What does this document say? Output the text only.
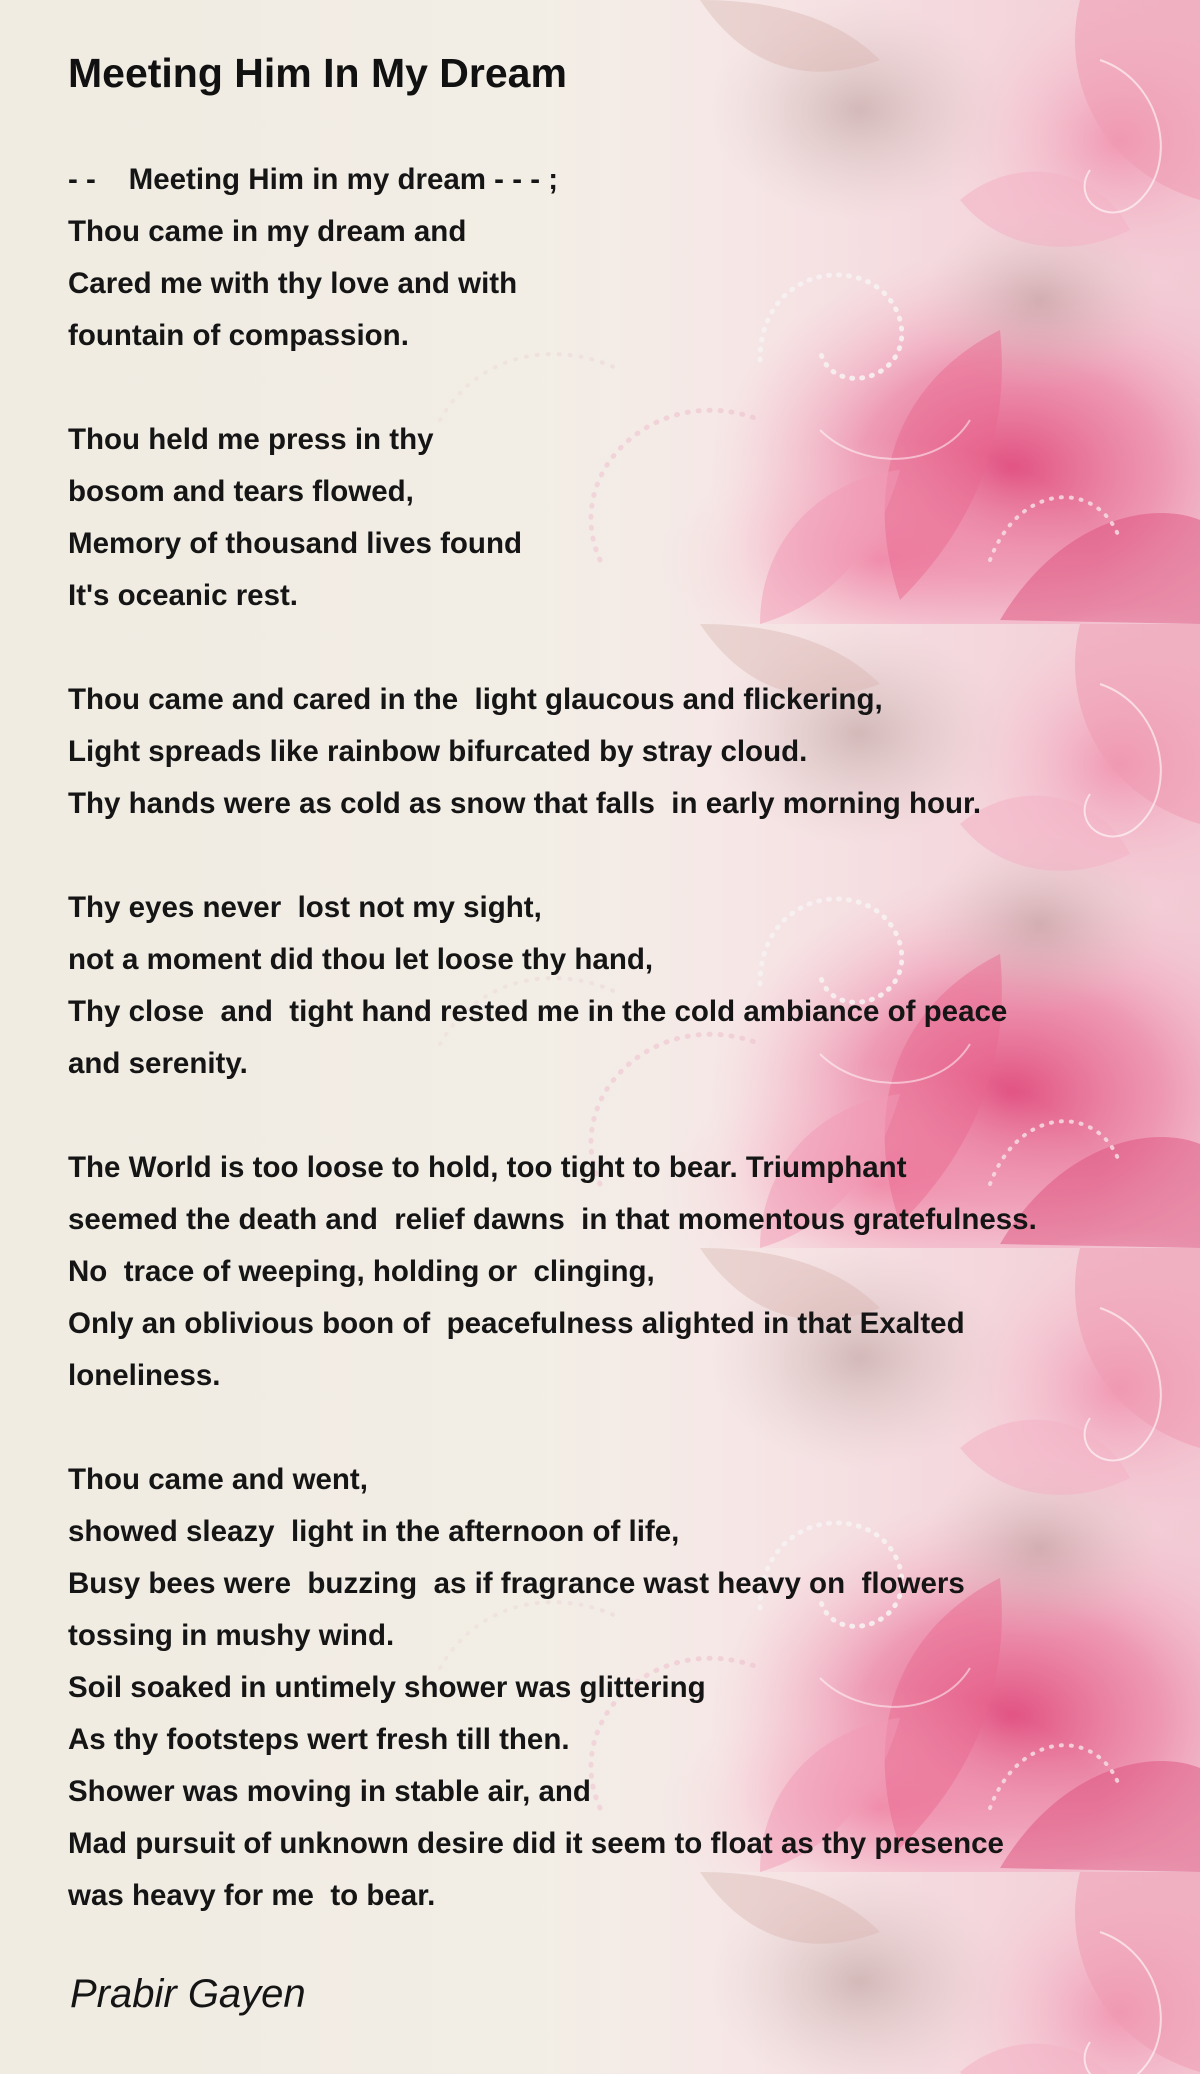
Meeting Him In My Dream
- -    Meeting Him in my dream - - - ;
Thou came in my dream and
Cared me with thy love and with
fountain of compassion.
Thou held me press in thy
bosom and tears flowed,
Memory of thousand lives found
It's oceanic rest.
Thou came and cared in the  light glaucous and flickering,
Light spreads like rainbow bifurcated by stray cloud.
Thy hands were as cold as snow that falls  in early morning hour.
Thy eyes never  lost not my sight,
not a moment did thou let loose thy hand,
Thy close  and  tight hand rested me in the cold ambiance of peace
and serenity.
The World is too loose to hold, too tight to bear. Triumphant
seemed the death and  relief dawns  in that momentous gratefulness.
No  trace of weeping, holding or  clinging,
Only an oblivious boon of  peacefulness alighted in that Exalted
loneliness.
Thou came and went,
showed sleazy  light in the afternoon of life,
Busy bees were  buzzing  as if fragrance wast heavy on  flowers
tossing in mushy wind.
Soil soaked in untimely shower was glittering
As thy footsteps wert fresh till then.
Shower was moving in stable air, and
Mad pursuit of unknown desire did it seem to float as thy presence
was heavy for me  to bear.
Prabir Gayen
